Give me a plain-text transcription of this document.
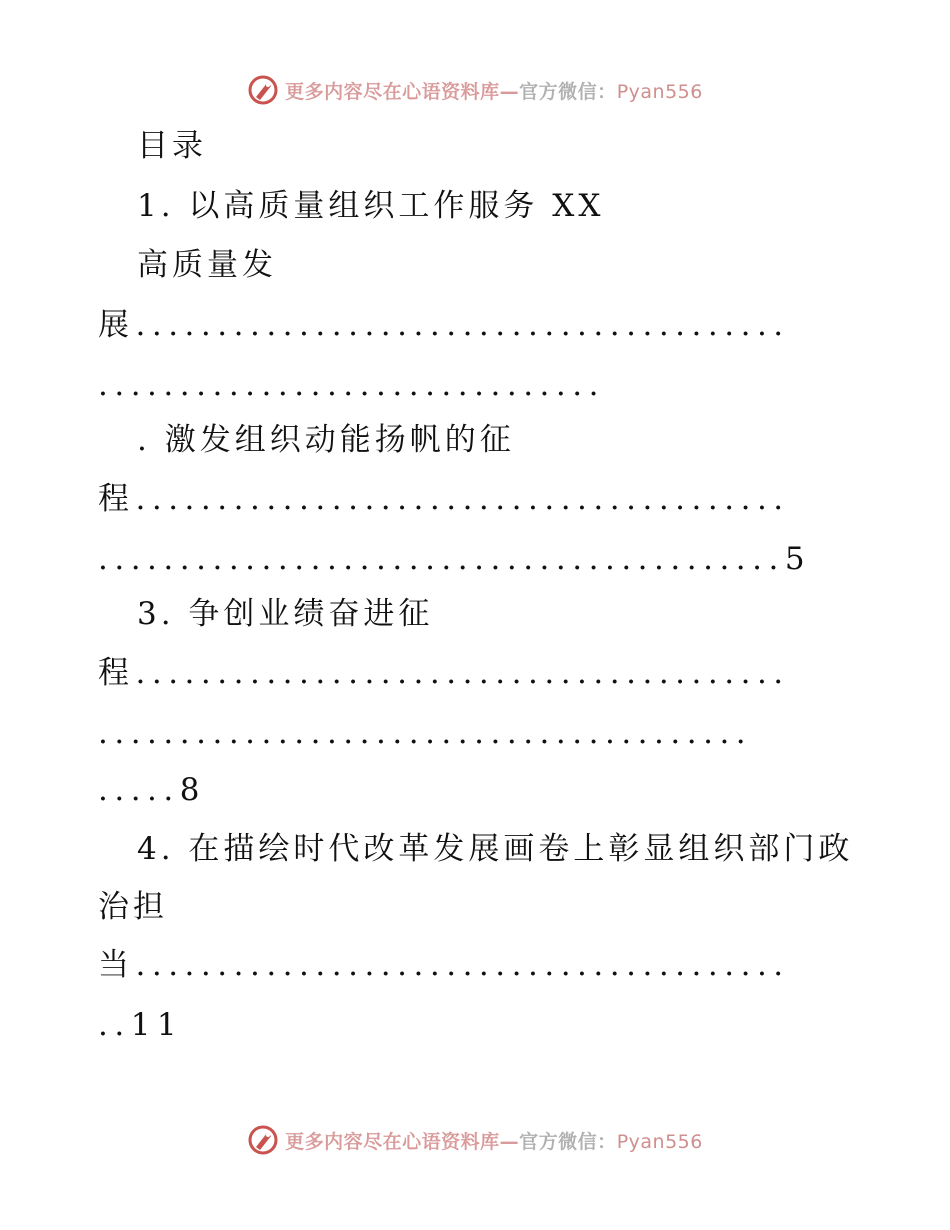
更多内容尽在心语资料库—官方微信：Pyan556
目录
1. 以高质量组织工作服务 XX
高质量发
展........................................
...............................
. 激发组织动能扬帆的征
程........................................
..........................................5
3. 争创业绩奋进征
程........................................
........................................
.....8
4. 在描绘时代改革发展画卷上彰显组织部门政
治担
当........................................
..11
更多内容尽在心语资料库—官方微信：Pyan556
